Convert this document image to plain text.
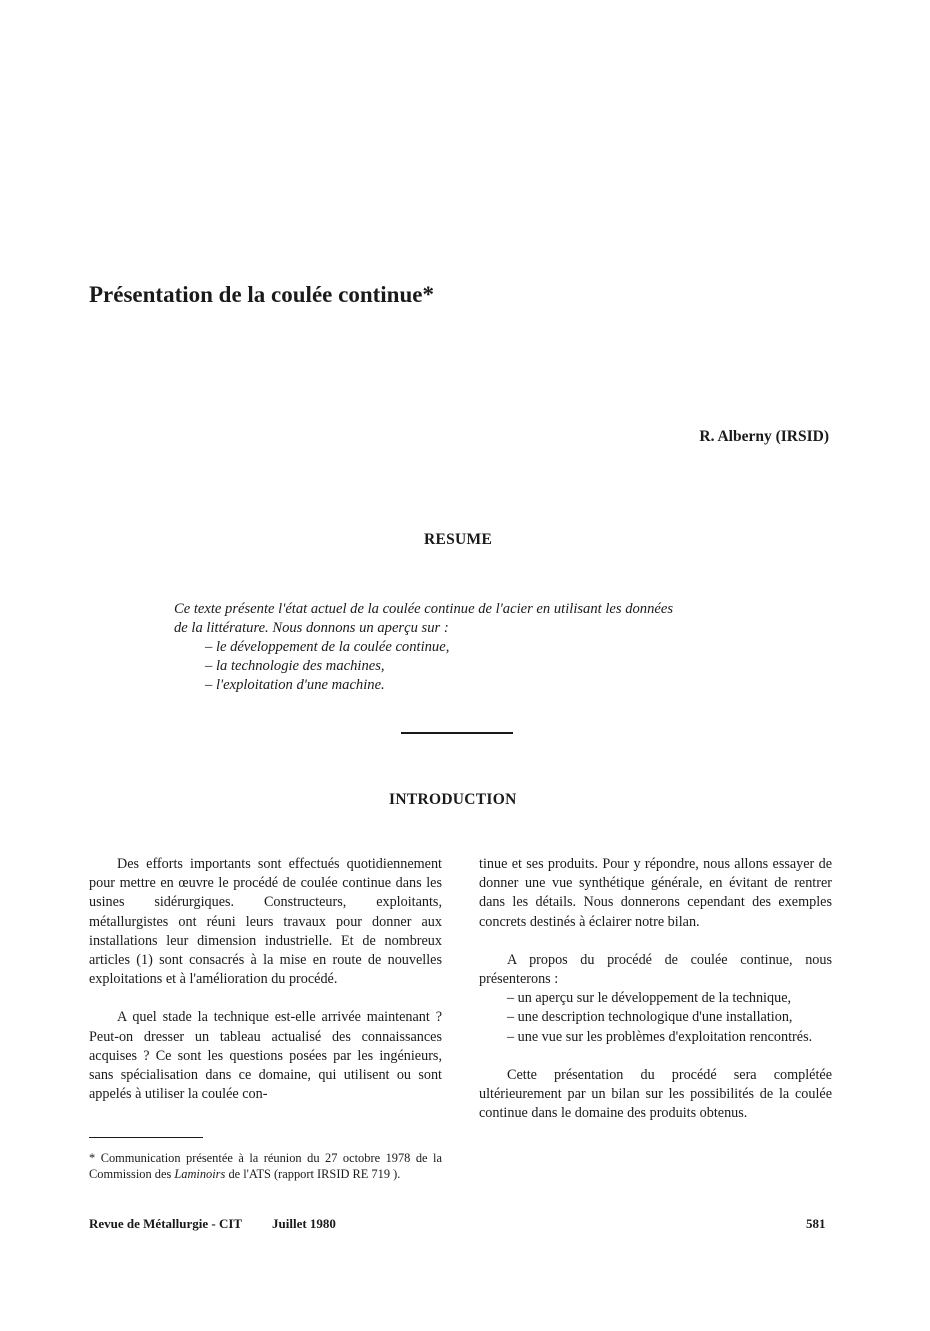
Présentation de la coulée continue*
R. Alberny (IRSID)
RESUME
Ce texte présente l'état actuel de la coulée continue de l'acier en utilisant les données
de la littérature. Nous donnons un aperçu sur :
– le développement de la coulée continue,
– la technologie des machines,
– l'exploitation d'une machine.
INTRODUCTION

Des efforts importants sont effectués quotidiennement pour mettre en œuvre le procédé de coulée continue dans les usines sidérurgiques. Constructeurs, exploitants, métallurgistes ont réuni leurs travaux pour donner aux installations leur dimension industrielle. Et de nombreux articles (1) sont consacrés à la mise en route de nouvelles exploitations et à l'amélioration du procédé.

A quel stade la technique est-elle arrivée maintenant ? Peut-on dresser un tableau actualisé des connaissances acquises ? Ce sont les questions posées par les ingénieurs, sans spécialisation dans ce domaine, qui utilisent ou sont appelés à utiliser la coulée con-

tinue et ses produits. Pour y répondre, nous allons essayer de donner une vue synthétique générale, en évitant de rentrer dans les détails. Nous donnerons cependant des exemples concrets destinés à éclairer notre bilan.

A propos du procédé de coulée continue, nous présenterons :

– un aperçu sur le développement de la technique,
– une description technologique d'une installation,
– une vue sur les problèmes d'exploitation rencontrés.

Cette présentation du procédé sera complétée ultérieurement par un bilan sur les possibilités de la coulée continue dans le domaine des produits obtenus.

* Communication présentée à la réunion du 27 octobre 1978 de la Commission des Laminoirs de l'ATS (rapport IRSID RE 719 ).
Revue de Métallurgie - CIT Juillet 1980	581
